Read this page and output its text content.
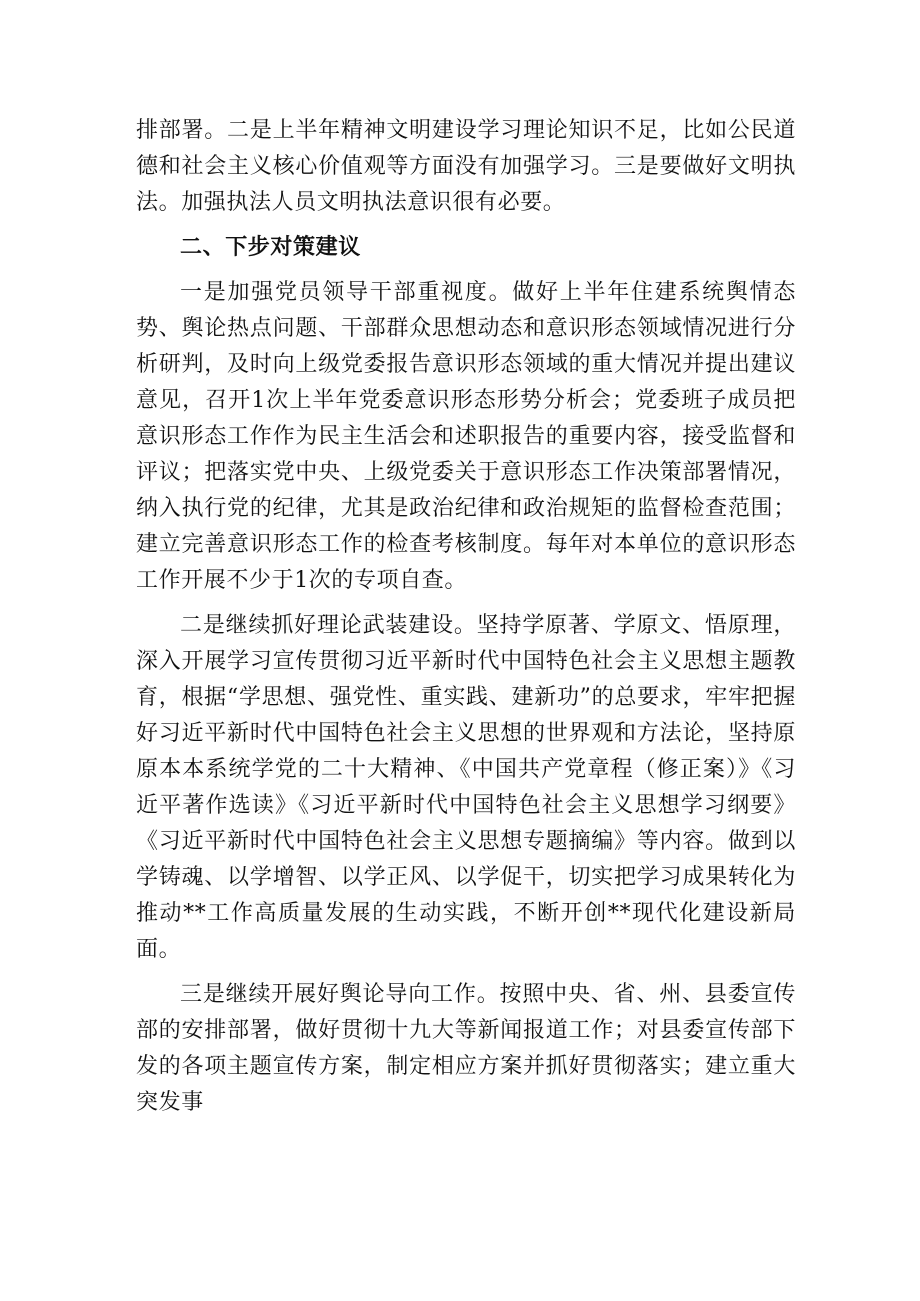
排部署。二是上半年精神文明建设学习理论知识不足，比如公民道德和社会主义核心价值观等方面没有加强学习。三是要做好文明执法。加强执法人员文明执法意识很有必要。

二、下步对策建议

一是加强党员领导干部重视度。做好上半年住建系统舆情态势、舆论热点问题、干部群众思想动态和意识形态领域情况进行分析研判，及时向上级党委报告意识形态领域的重大情况并提出建议意见，召开1次上半年党委意识形态形势分析会；党委班子成员把意识形态工作作为民主生活会和述职报告的重要内容，接受监督和评议；把落实党中央、上级党委关于意识形态工作决策部署情况，纳入执行党的纪律，尤其是政治纪律和政治规矩的监督检查范围；建立完善意识形态工作的检查考核制度。每年对本单位的意识形态工作开展不少于1次的专项自查。

二是继续抓好理论武装建设。坚持学原著、学原文、悟原理，深入开展学习宣传贯彻习近平新时代中国特色社会主义思想主题教育，根据“学思想、强党性、重实践、建新功”的总要求，牢牢把握好习近平新时代中国特色社会主义思想的世界观和方法论，坚持原原本本系统学党的二十大精神、《中国共产党章程（修正案）》《习近平著作选读》《习近平新时代中国特色社会主义思想学习纲要》《习近平新时代中国特色社会主义思想专题摘编》等内容。做到以学铸魂、以学增智、以学正风、以学促干，切实把学习成果转化为推动**工作高质量发展的生动实践，不断开创**现代化建设新局面。

三是继续开展好舆论导向工作。按照中央、省、州、县委宣传部的安排部署，做好贯彻十九大等新闻报道工作；对县委宣传部下发的各项主题宣传方案，制定相应方案并抓好贯彻落实；建立重大突发事
